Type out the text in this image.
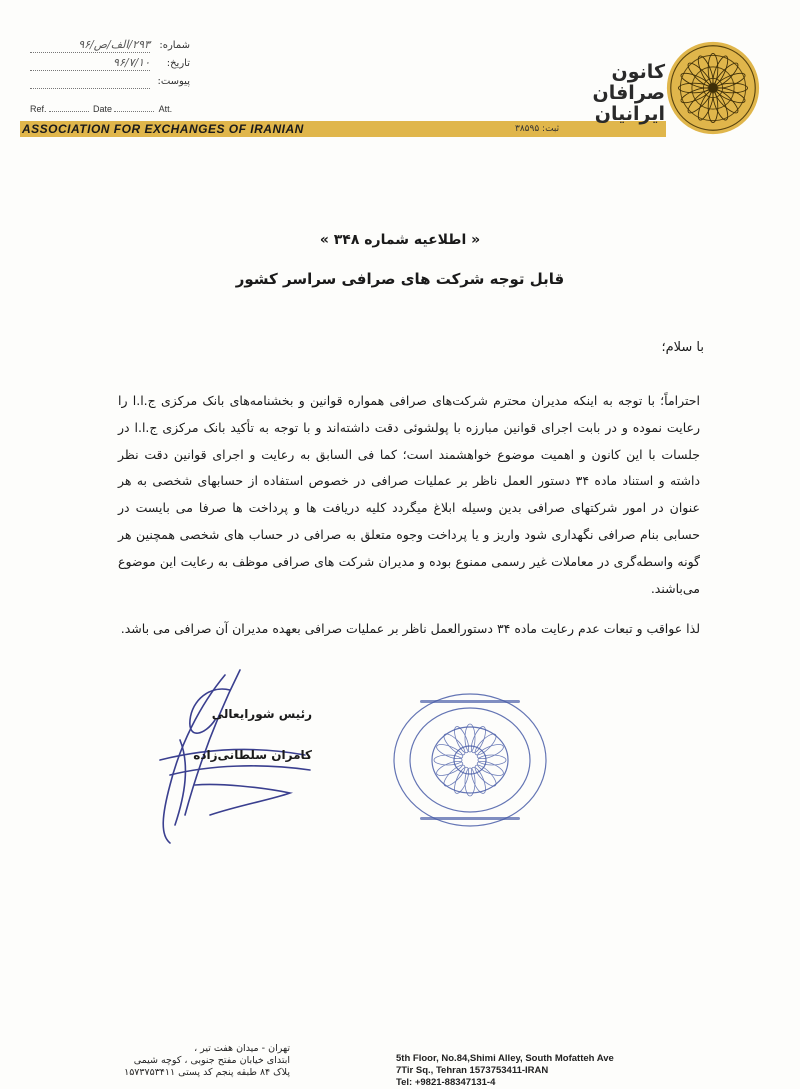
شماره:
۲۹۳/الف/ص/۹۶
تاریخ:
۹۶/۷/۱۰
پیوست:
Ref.	Date	Att.
ASSOCIATION FOR EXCHANGES OF IRANIAN	ثبت: ۳۸۵۹۵
کانون
صرافان
ایرانیان
« اطلاعیه شماره ۳۴۸ »
قابل توجه شرکت های صرافی سراسر کشور
با سلام؛
احتراماً؛ با توجه به اینکه مدیران محترم شرکت‌های صرافی همواره قوانین و بخشنامه‌های بانک مرکزی ج.ا.ا را رعایت نموده و در بابت اجرای قوانین مبارزه با پولشوئی دقت داشته‌اند و با توجه به تأکید بانک مرکزی ج.ا.ا در جلسات با این کانون و اهمیت موضوع خواهشمند است؛ کما فی السابق به رعایت و اجرای قوانین دقت نظر داشته و استناد ماده ۳۴ دستور العمل ناظر بر عملیات صرافی در خصوص استفاده از حسابهای شخصی به هر عنوان در امور شرکتهای صرافی بدین وسیله ابلاغ میگردد کلیه دریافت ها و پرداخت ها صرفا می بایست در حسابی بنام صرافی نگهداری شود واریز و یا پرداخت وجوه متعلق به صرافی در حساب های شخصی همچنین هر گونه واسطه‌گری در معاملات غیر رسمی ممنوع بوده و مدیران شرکت های صرافی موظف به رعایت این موضوع می‌باشند.
لذا عواقب و تبعات عدم رعایت ماده ۳۴ دستورالعمل ناظر بر عملیات صرافی بعهده مدیران آن صرافی می باشد.
رئیس شورایعالی
کامران سلطانی‌زاده
تهران - میدان هفت تیر ،
ابتدای خیابان مفتح جنوبی ، کوچه شیمی
پلاک ۸۴ طبقه پنجم کد پستی ۱۵۷۳۷۵۳۴۱۱
5th Floor, No.84,Shimi Alley, South Mofatteh Ave
7Tir Sq., Tehran 1573753411-IRAN
Tel: +9821-88347131-4
